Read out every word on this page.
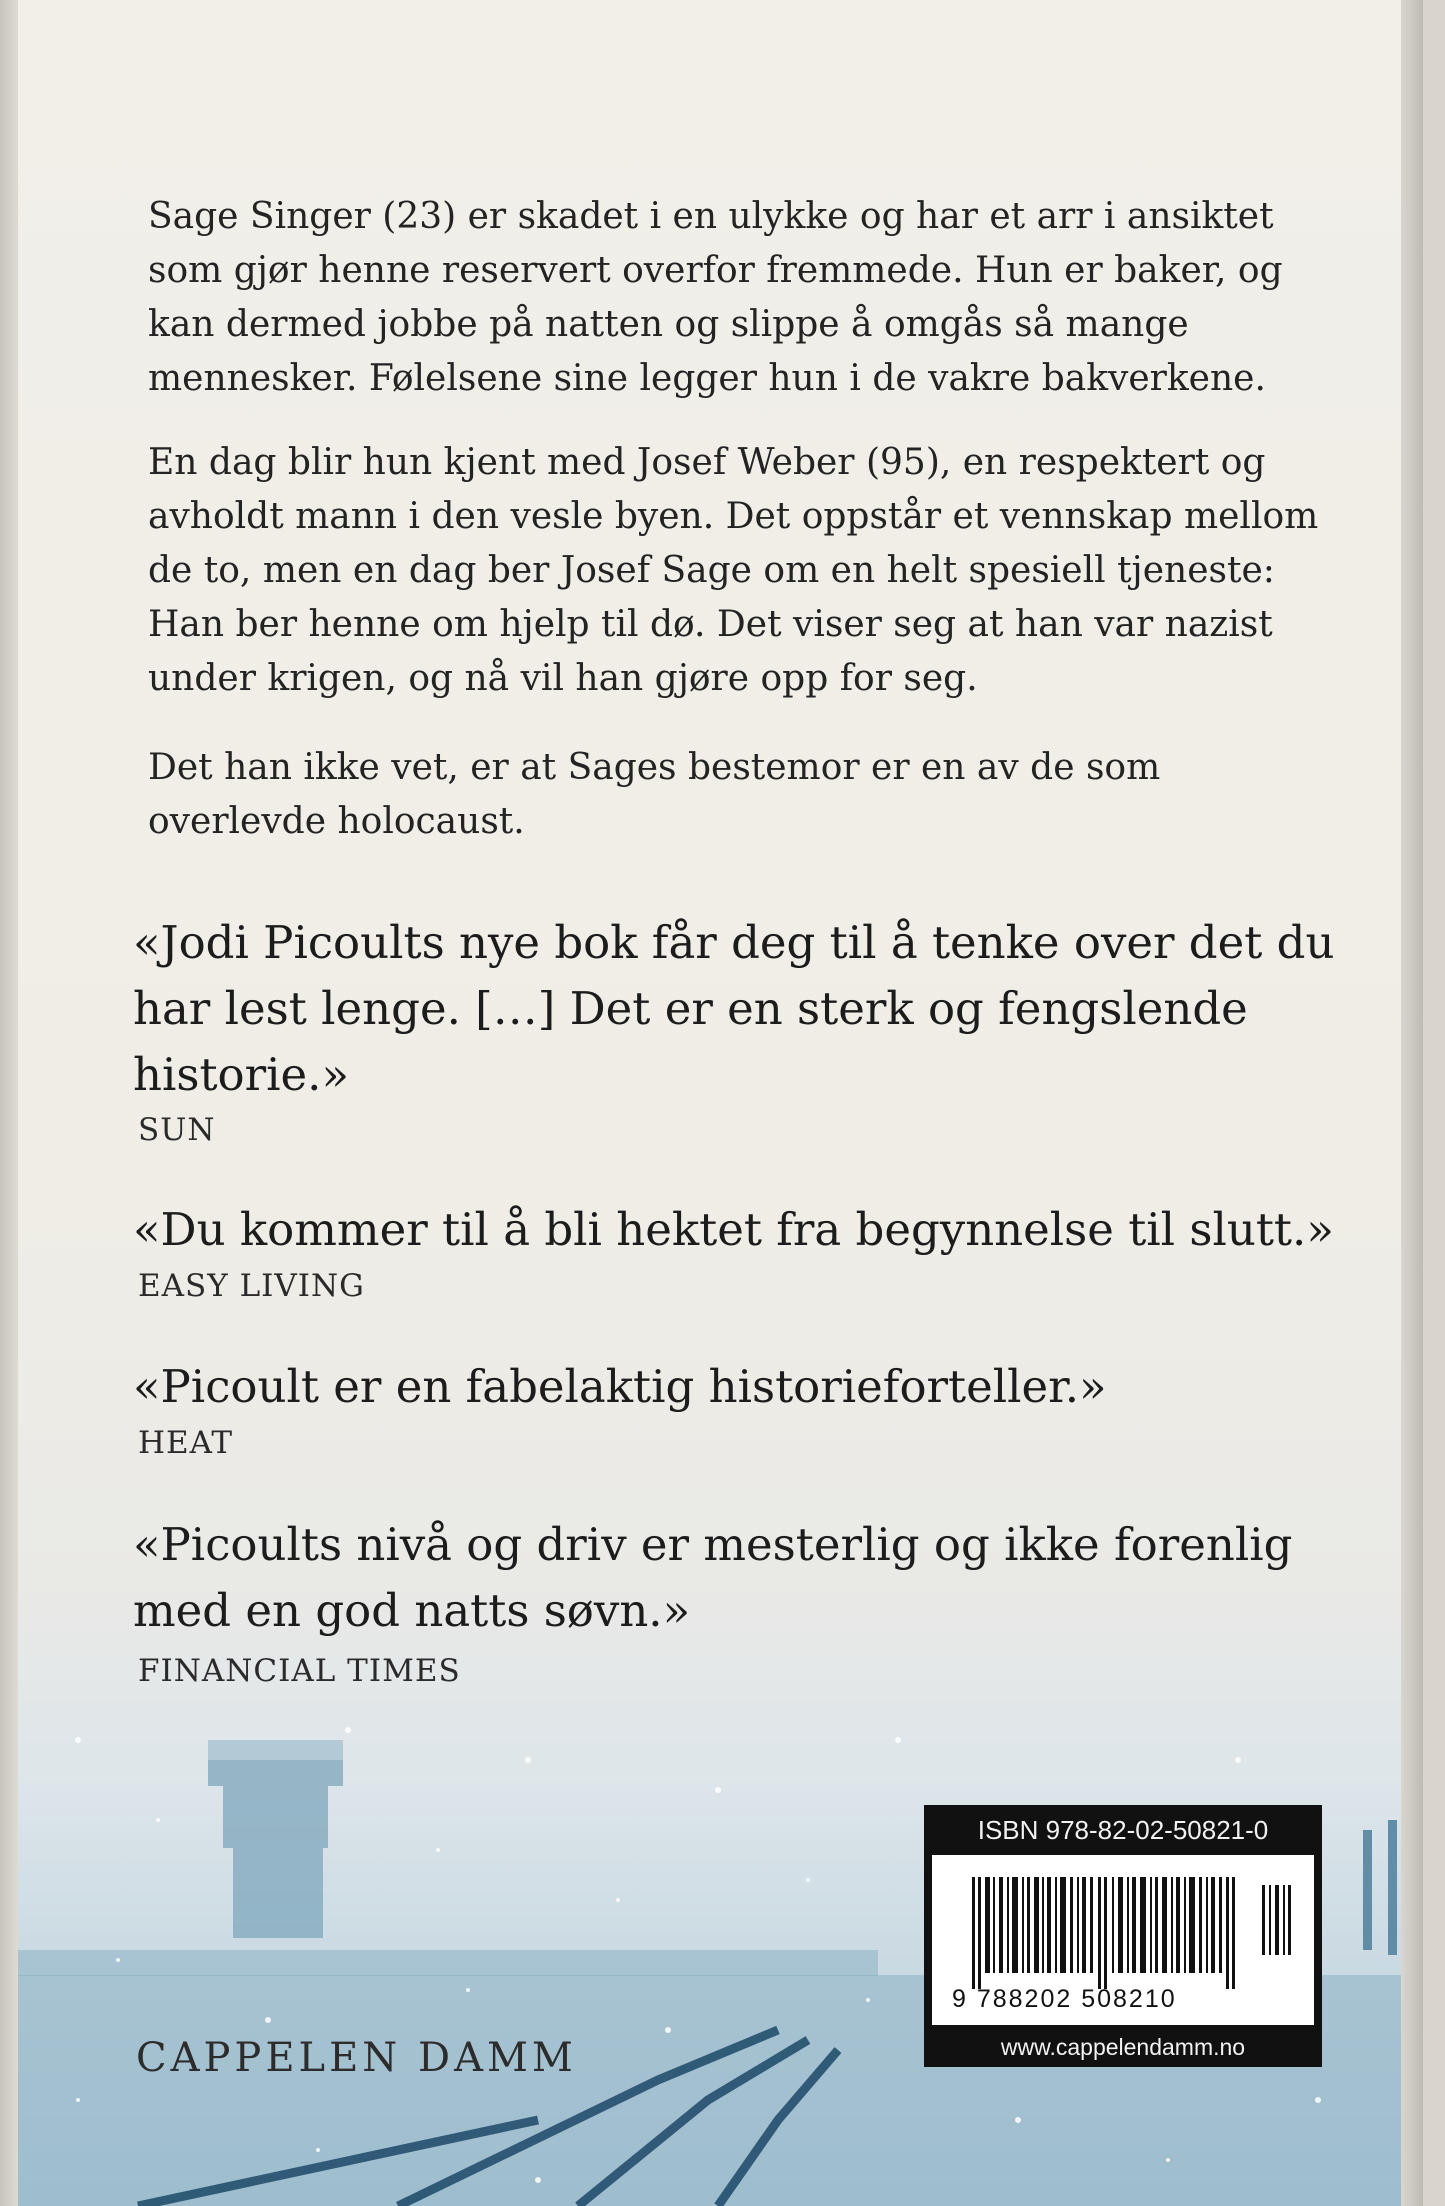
Sage Singer (23) er skadet i en ulykke og har et arr i ansiktet som gjør henne reservert overfor fremmede. Hun er baker, og kan dermed jobbe på natten og slippe å omgås så mange mennesker. Følelsene sine legger hun i de vakre bakverkene.

En dag blir hun kjent med Josef Weber (95), en respektert og avholdt mann i den vesle byen. Det oppstår et vennskap mellom de to, men en dag ber Josef Sage om en helt spesiell tjeneste: Han ber henne om hjelp til dø. Det viser seg at han var nazist under krigen, og nå vil han gjøre opp for seg.

Det han ikke vet, er at Sages bestemor er en av de som overlevde holocaust.

«Jodi Picoults nye bok får deg til å tenke over det du har lest lenge. […] Det er en sterk og fengslende historie.»

SUN

«Du kommer til å bli hektet fra begynnelse til slutt.»

EASY LIVING

«Picoult er en fabelaktig historieforteller.»

HEAT

«Picoults nivå og driv er mesterlig og ikke forenlig med en god natts søvn.»

FINANCIAL TIMES

CAPPELEN DAMM
ISBN 978-82-02-50821-0
9 788202 508210
www.cappelendamm.no
